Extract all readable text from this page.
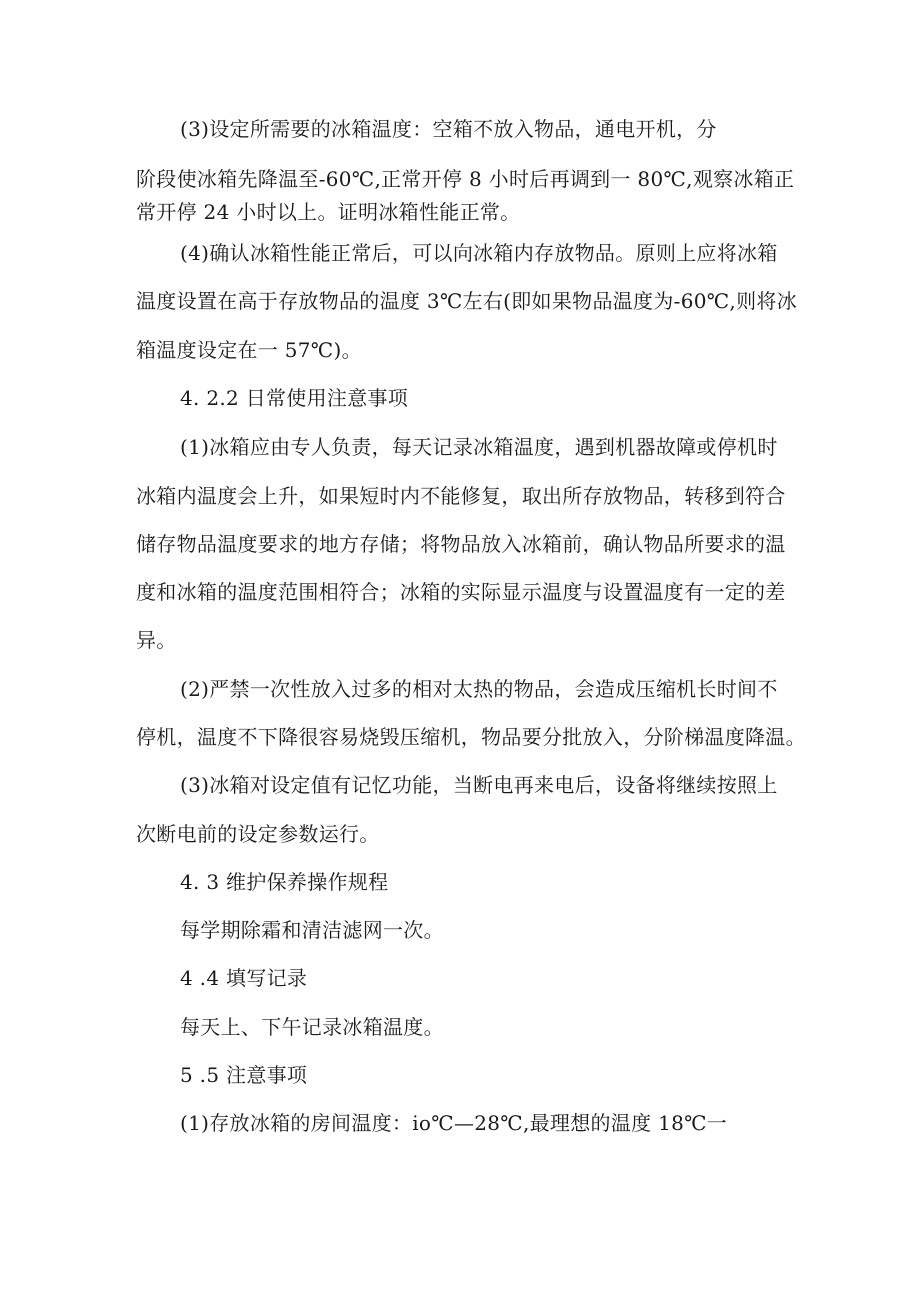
(3)设定所需要的冰箱温度：空箱不放入物品，通电开机，分
阶段使冰箱先降温至-60℃,正常开停 8 小时后再调到一 80℃,观察冰箱正
常开停 24 小时以上。证明冰箱性能正常。
(4)确认冰箱性能正常后，可以向冰箱内存放物品。原则上应将冰箱
温度设置在高于存放物品的温度 3℃左右(即如果物品温度为-60℃,则将冰
箱温度设定在一 57℃)。
4. 2.2 日常使用注意事项
(1)冰箱应由专人负责，每天记录冰箱温度，遇到机器故障或停机时
冰箱内温度会上升，如果短时内不能修复，取出所存放物品，转移到符合
储存物品温度要求的地方存储；将物品放入冰箱前，确认物品所要求的温
度和冰箱的温度范围相符合；冰箱的实际显示温度与设置温度有一定的差
异。
(2)严禁一次性放入过多的相对太热的物品，会造成压缩机长时间不
停机，温度不下降很容易烧毁压缩机，物品要分批放入，分阶梯温度降温。
(3)冰箱对设定值有记忆功能，当断电再来电后，设备将继续按照上
次断电前的设定参数运行。
4. 3 维护保养操作规程
每学期除霜和清洁滤网一次。
4 .4 填写记录
每天上、下午记录冰箱温度。
5 .5 注意事项
(1)存放冰箱的房间温度：io℃—28℃,最理想的温度 18℃一
